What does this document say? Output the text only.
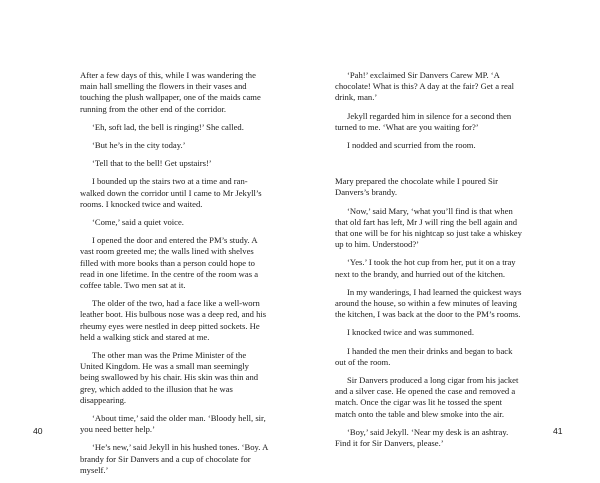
After a few days of this, while I was wandering the main hall smelling the flowers in their vases and touching the plush wallpaper, one of the maids came running from the other end of the corridor.

‘Eh, soft lad, the bell is ringing!’ She called.

‘But he’s in the city today.’

‘Tell that to the bell! Get upstairs!’

I bounded up the stairs two at a time and ran-walked down the corridor until I came to Mr Jekyll’s rooms. I knocked twice and waited.

‘Come,’ said a quiet voice.

I opened the door and entered the PM’s study. A vast room greeted me; the walls lined with shelves filled with more books than a person could hope to read in one lifetime. In the centre of the room was a coffee table. Two men sat at it.

The older of the two, had a face like a well-worn leather boot. His bulbous nose was a deep red, and his rheumy eyes were nestled in deep pitted sockets. He held a walking stick and stared at me.

The other man was the Prime Minister of the United Kingdom. He was a small man seemingly being swallowed by his chair. His skin was thin and grey, which added to the illusion that he was disappearing.

‘About time,’ said the older man. ‘Bloody hell, sir, you need better help.’

‘He’s new,’ said Jekyll in his hushed tones. ‘Boy. A brandy for Sir Danvers and a cup of chocolate for myself.’

40

‘Pah!’ exclaimed Sir Danvers Carew MP. ‘A chocolate! What is this? A day at the fair? Get a real drink, man.’

Jekyll regarded him in silence for a second then turned to me. ‘What are you waiting for?’

I nodded and scurried from the room.

Mary prepared the chocolate while I poured Sir Danvers’s brandy.

‘Now,’ said Mary, ‘what you’ll find is that when that old fart has left, Mr J will ring the bell again and that one will be for his nightcap so just take a whiskey up to him. Understood?’

‘Yes.’ I took the hot cup from her, put it on a tray next to the brandy, and hurried out of the kitchen.

In my wanderings, I had learned the quickest ways around the house, so within a few minutes of leaving the kitchen, I was back at the door to the PM’s rooms.

I knocked twice and was summoned.

I handed the men their drinks and began to back out of the room.

Sir Danvers produced a long cigar from his jacket and a silver case. He opened the case and removed a match. Once the cigar was lit he tossed the spent match onto the table and blew smoke into the air.

‘Boy,’ said Jekyll. ‘Near my desk is an ashtray. Find it for Sir Danvers, please.’

41
